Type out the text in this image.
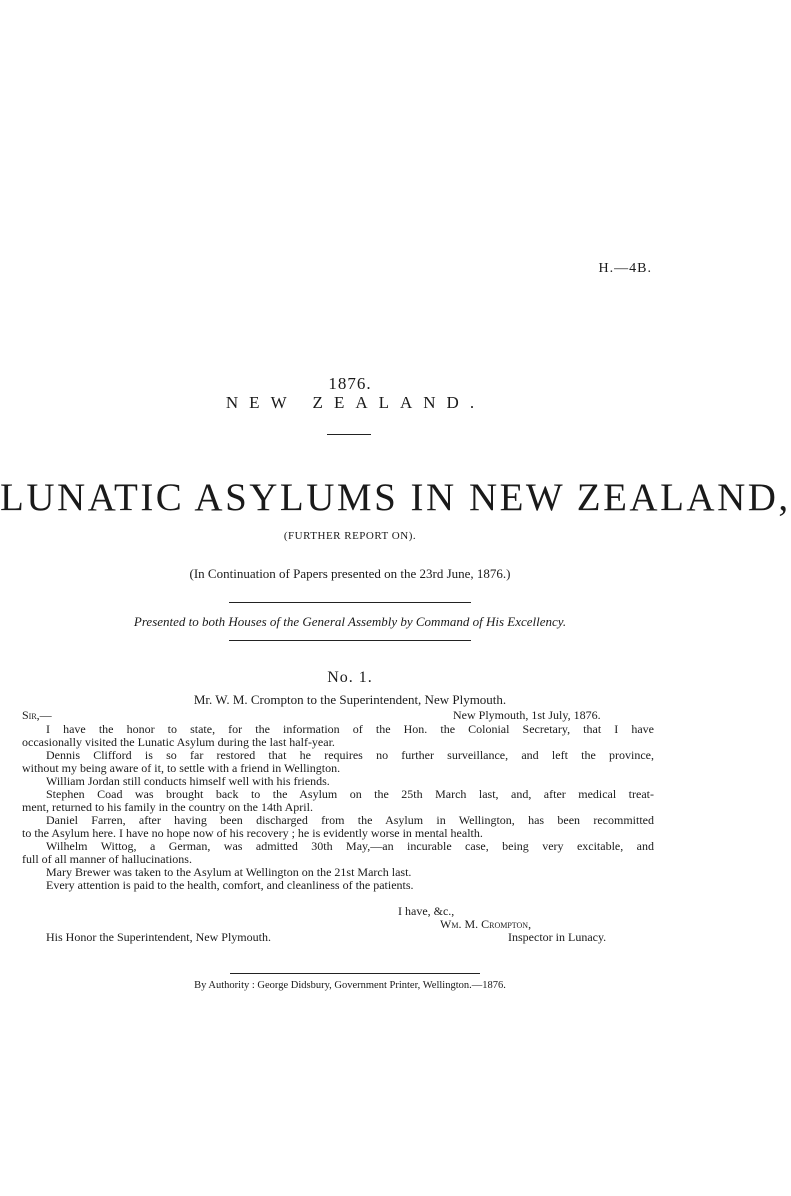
H.—4B.
1876.
NEW ZEALAND.
LUNATIC ASYLUMS IN NEW ZEALAND,
(FURTHER REPORT ON).
(In Continuation of Papers presented on the 23rd June, 1876.)
Presented to both Houses of the General Assembly by Command of His Excellency.
No. 1.
Mr. W. M. Crompton to the Superintendent, New Plymouth.
Sir,—	New Plymouth, 1st July, 1876.
I have the honor to state, for the information of the Hon. the Colonial Secretary, that I have
occasionally visited the Lunatic Asylum during the last half-year.
Dennis Clifford is so far restored that he requires no further surveillance, and left the province,
without my being aware of it, to settle with a friend in Wellington.
William Jordan still conducts himself well with his friends.
Stephen Coad was brought back to the Asylum on the 25th March last, and, after medical treat-
ment, returned to his family in the country on the 14th April.
Daniel Farren, after having been discharged from the Asylum in Wellington, has been recommitted
to the Asylum here. I have no hope now of his recovery ; he is evidently worse in mental health.
Wilhelm Wittog, a German, was admitted 30th May,—an incurable case, being very excitable, and
full of all manner of hallucinations.
Mary Brewer was taken to the Asylum at Wellington on the 21st March last.
Every attention is paid to the health, comfort, and cleanliness of the patients.
I have, &c.,
Wm. M. Crompton,
His Honor the Superintendent, New Plymouth.	Inspector in Lunacy.
By Authority : George Didsbury, Government Printer, Wellington.—1876.
